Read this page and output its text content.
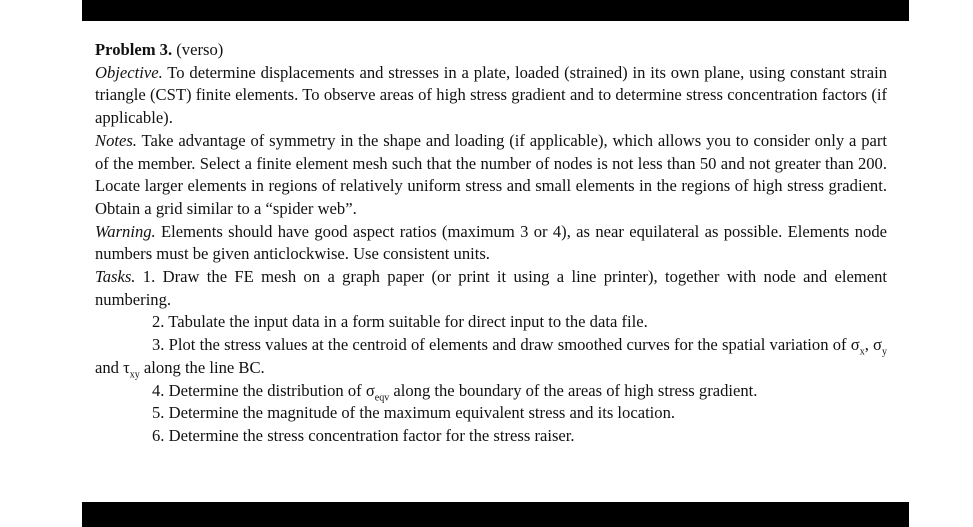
Problem 3. (verso)

Objective. To determine displacements and stresses in a plate, loaded (strained) in its own plane, using constant strain triangle (CST) finite elements. To observe areas of high stress gradient and to determine stress concentration factors (if applicable).

Notes. Take advantage of symmetry in the shape and loading (if applicable), which allows you to consider only a part of the member. Select a finite element mesh such that the number of nodes is not less than 50 and not greater than 200. Locate larger elements in regions of relatively uniform stress and small elements in the regions of high stress gradient. Obtain a grid similar to a “spider web”.

Warning. Elements should have good aspect ratios (maximum 3 or 4), as near equilateral as possible. Elements node numbers must be given anticlockwise. Use consistent units.

Tasks. 1. Draw the FE mesh on a graph paper (or print it using a line printer), together with node and element numbering.

2. Tabulate the input data in a form suitable for direct input to the data file.

3. Plot the stress values at the centroid of elements and draw smoothed curves for the spatial variation of $\sigma_x$, $\sigma_y$ and $\tau_{xy}$ along the line BC.

4. Determine the distribution of $\sigma_{eqv}$ along the boundary of the areas of high stress gradient.

5. Determine the magnitude of the maximum equivalent stress and its location.

6. Determine the stress concentration factor for the stress raiser.
